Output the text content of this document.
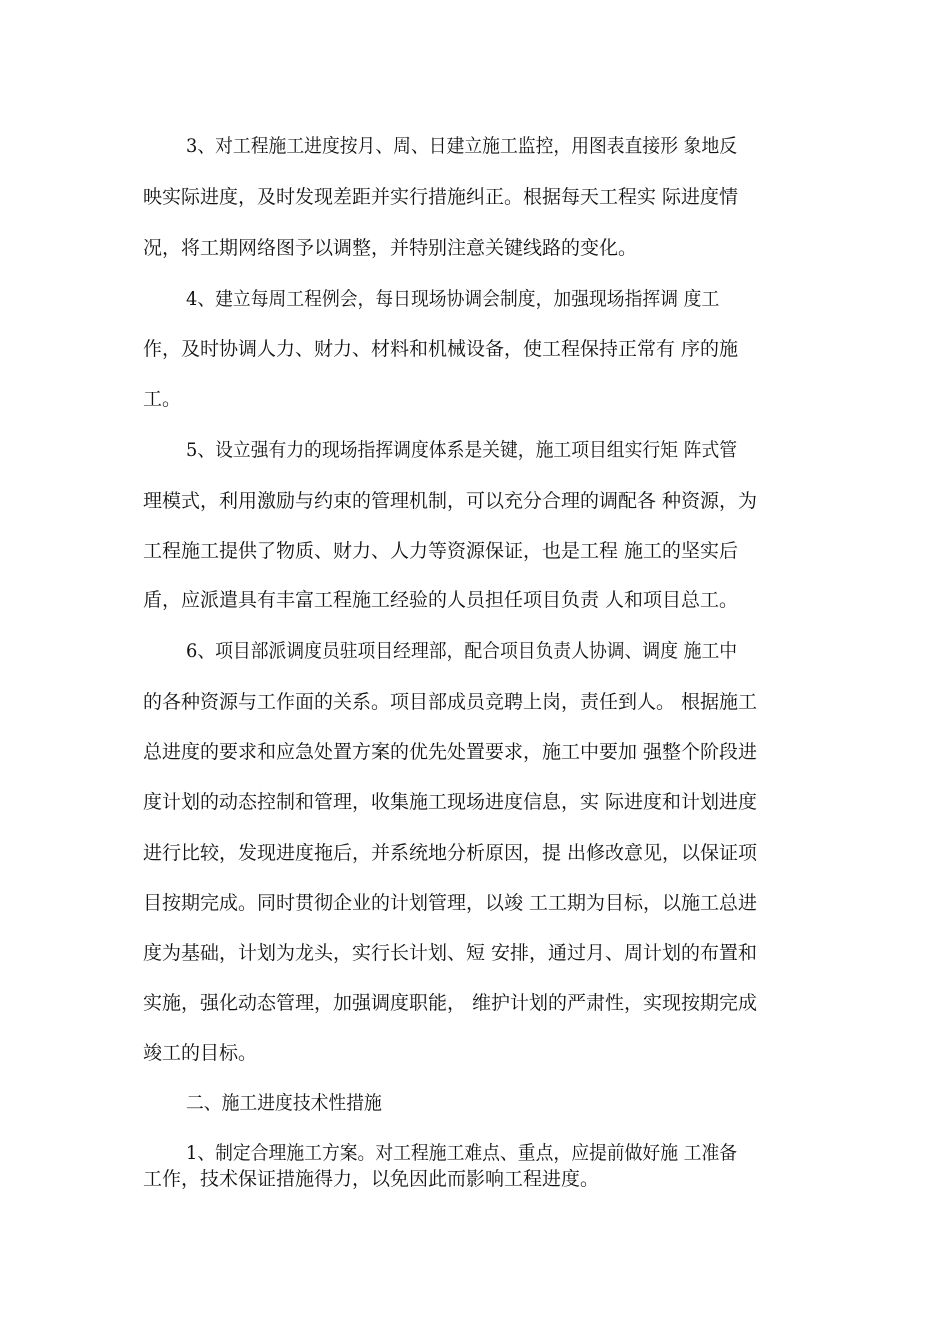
3、对工程施工进度按月、周、日建立施工监控，用图表直接形 象地反
映实际进度，及时发现差距并实行措施纠正。根据每天工程实 际进度情
况，将工期网络图予以调整，并特别注意关键线路的变化。
4、建立每周工程例会，每日现场协调会制度，加强现场指挥调 度工
作，及时协调人力、财力、材料和机械设备，使工程保持正常有 序的施
工。
5、设立强有力的现场指挥调度体系是关键，施工项目组实行矩 阵式管
理模式，利用激励与约束的管理机制，可以充分合理的调配各 种资源，为
工程施工提供了物质、财力、人力等资源保证，也是工程 施工的坚实后
盾，应派遣具有丰富工程施工经验的人员担任项目负责 人和项目总工。
6、项目部派调度员驻项目经理部，配合项目负责人协调、调度 施工中
的各种资源与工作面的关系。项目部成员竞聘上岗，责任到人。 根据施工
总进度的要求和应急处置方案的优先处置要求，施工中要加 强整个阶段进
度计划的动态控制和管理，收集施工现场进度信息，实 际进度和计划进度
进行比较，发现进度拖后，并系统地分析原因，提 出修改意见，以保证项
目按期完成。同时贯彻企业的计划管理，以竣 工工期为目标，以施工总进
度为基础，计划为龙头，实行长计划、短 安排，通过月、周计划的布置和
实施，强化动态管理，加强调度职能， 维护计划的严肃性，实现按期完成
竣工的目标。
二、施工进度技术性措施
1、制定合理施工方案。对工程施工难点、重点，应提前做好施 工准备
工作，技术保证措施得力，以免因此而影响工程进度。
